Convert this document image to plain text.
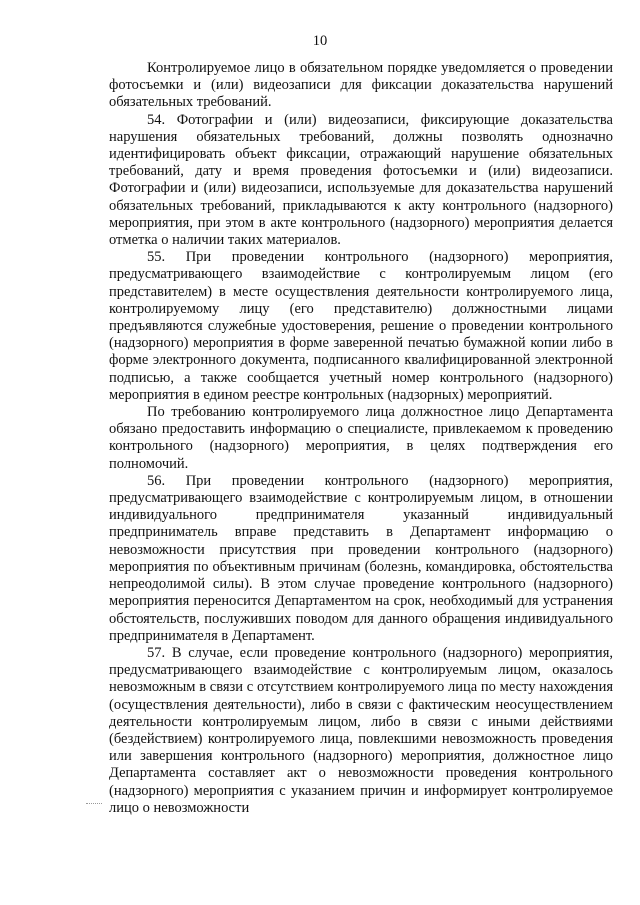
10

Контролируемое лицо в обязательном порядке уведомляется о проведении фотосъемки и (или) видеозаписи для фиксации доказательства нарушений обязательных требований.

54. Фотографии и (или) видеозаписи, фиксирующие доказательства нарушения обязательных требований, должны позволять однозначно идентифицировать объект фиксации, отражающий нарушение обязательных требований, дату и время проведения фотосъемки и (или) видеозаписи. Фотографии и (или) видеозаписи, используемые для доказательства нарушений обязательных требований, прикладываются к акту контрольного (надзорного) мероприятия, при этом в акте контрольного (надзорного) мероприятия делается отметка о наличии таких материалов.

55. При проведении контрольного (надзорного) мероприятия, предусматривающего взаимодействие с контролируемым лицом (его представителем) в месте осуществления деятельности контролируемого лица, контролируемому лицу (его представителю) должностными лицами предъявляются служебные удостоверения, решение о проведении контрольного (надзорного) мероприятия в форме заверенной печатью бумажной копии либо в форме электронного документа, подписанного квалифицированной электронной подписью, а также сообщается учетный номер контрольного (надзорного) мероприятия в едином реестре контрольных (надзорных) мероприятий.

По требованию контролируемого лица должностное лицо Департамента обязано предоставить информацию о специалисте, привлекаемом к проведению контрольного (надзорного) мероприятия, в целях подтверждения его полномочий.

56. При проведении контрольного (надзорного) мероприятия, предусматривающего взаимодействие с контролируемым лицом, в отношении индивидуального предпринимателя указанный индивидуальный предприниматель вправе представить в Департамент информацию о невозможности присутствия при проведении контрольного (надзорного) мероприятия по объективным причинам (болезнь, командировка, обстоятельства непреодолимой силы). В этом случае проведение контрольного (надзорного) мероприятия переносится Департаментом на срок, необходимый для устранения обстоятельств, послуживших поводом для данного обращения индивидуального предпринимателя в Департамент.

57. В случае, если проведение контрольного (надзорного) мероприятия, предусматривающего взаимодействие с контролируемым лицом, оказалось невозможным в связи с отсутствием контролируемого лица по месту нахождения (осуществления деятельности), либо в связи с фактическим неосуществлением деятельности контролируемым лицом, либо в связи с иными действиями (бездействием) контролируемого лица, повлекшими невозможность проведения или завершения контрольного (надзорного) мероприятия, должностное лицо Департамента составляет акт о невозможности проведения контрольного (надзорного) мероприятия с указанием причин и информирует контролируемое лицо о невозможности
